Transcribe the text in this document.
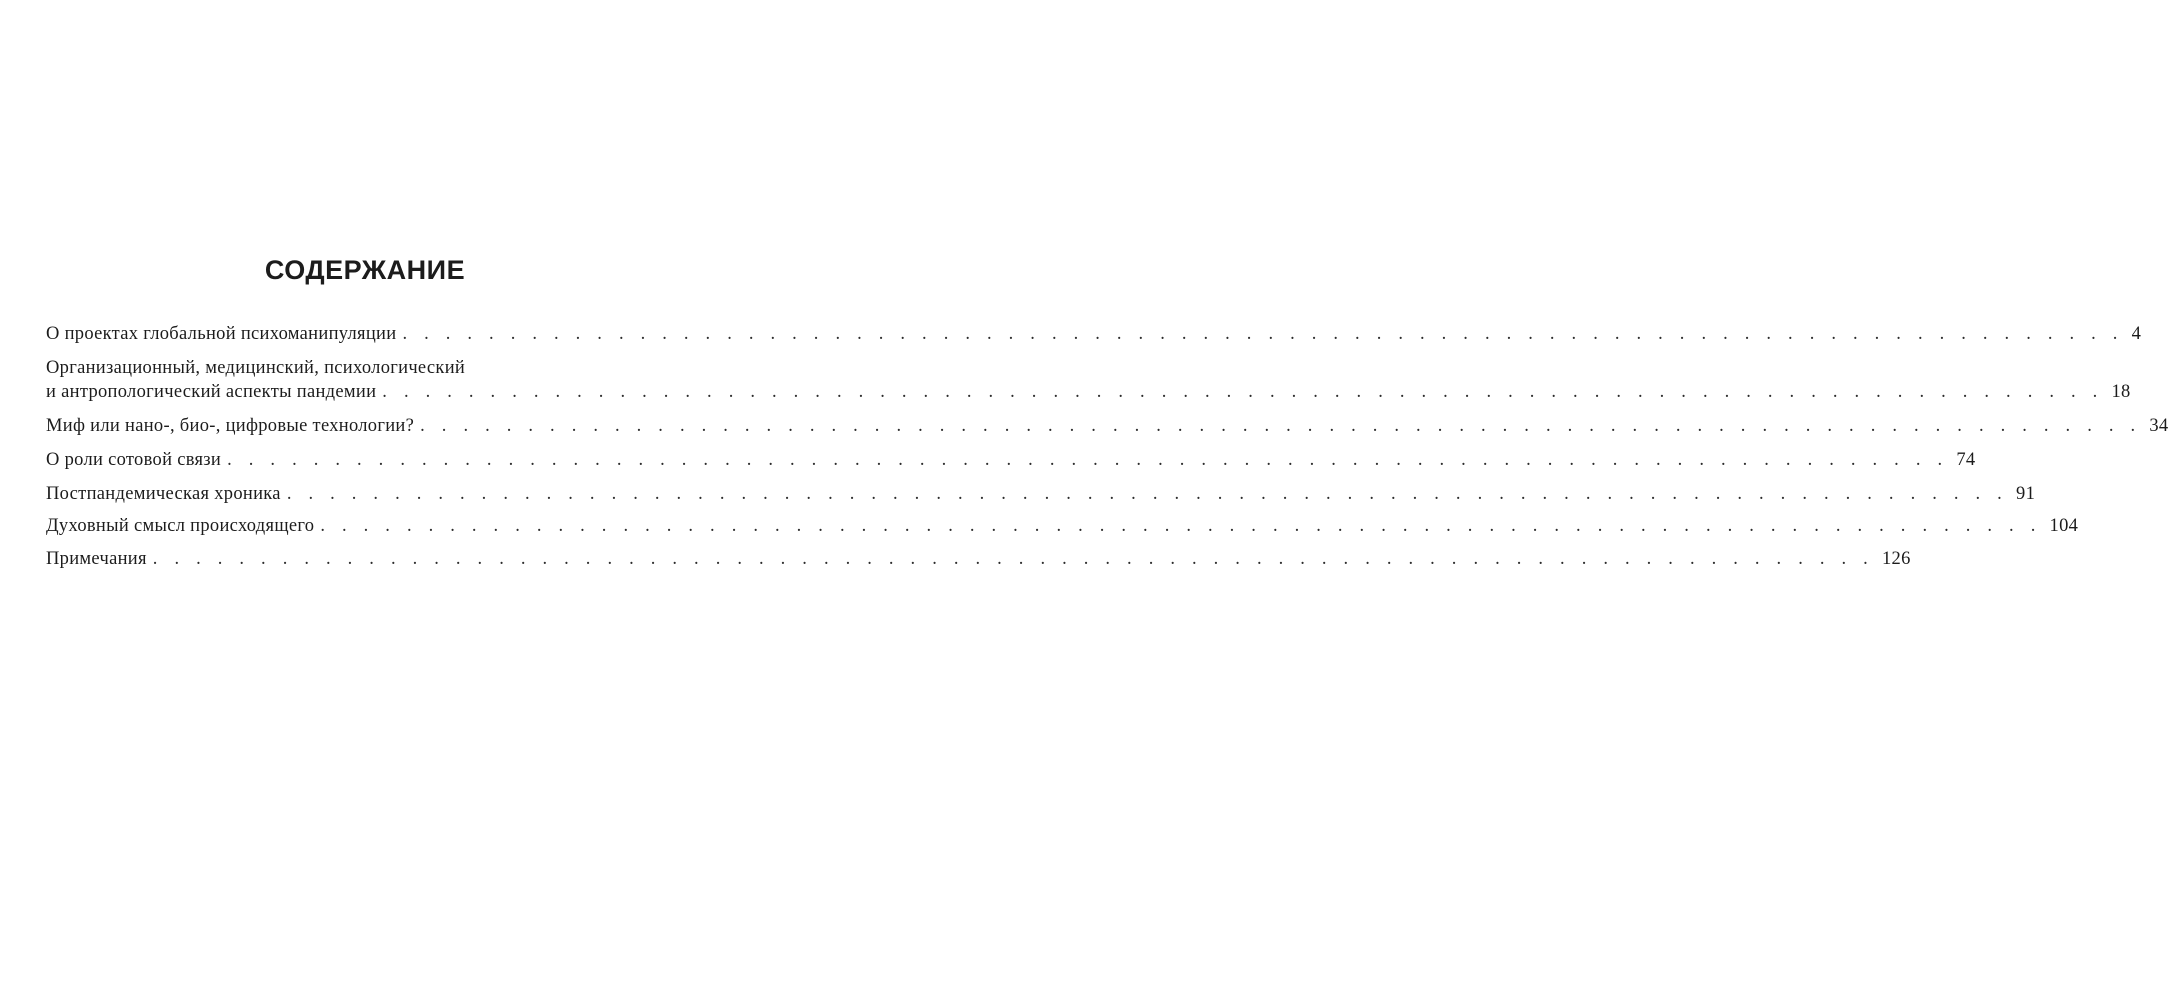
СОДЕРЖАНИЕ
О проектах глобальной психоманипуляции . . . . . . . . . . . . . . . . . . . . . . . . . . . . . . . . . . . . . . . . . . . . . . . . . . . . . . . . . . . . . . . . . . . . . . . . . . . . . . . . 4
Организационный, медицинский, психологический
и антропологический аспекты пандемии . . . . . . . . . . . . . . . . . . . . . . . . . . . . . . . . . . . . . . . . . . . . . . . . . . . . . . . . . . . . . . . . . . . . . . . . . . . . . . . . 18
Миф или нано-, био-, цифровые технологии? . . . . . . . . . . . . . . . . . . . . . . . . . . . . . . . . . . . . . . . . . . . . . . . . . . . . . . . . . . . . . . . . . . . . . . . . . . . . . . . . 34
О роли сотовой связи . . . . . . . . . . . . . . . . . . . . . . . . . . . . . . . . . . . . . . . . . . . . . . . . . . . . . . . . . . . . . . . . . . . . . . . . . . . . . . . . 74
Постпандемическая хроника . . . . . . . . . . . . . . . . . . . . . . . . . . . . . . . . . . . . . . . . . . . . . . . . . . . . . . . . . . . . . . . . . . . . . . . . . . . . . . . . 91
Духовный смысл происходящего . . . . . . . . . . . . . . . . . . . . . . . . . . . . . . . . . . . . . . . . . . . . . . . . . . . . . . . . . . . . . . . . . . . . . . . . . . . . . . . . 104
Примечания . . . . . . . . . . . . . . . . . . . . . . . . . . . . . . . . . . . . . . . . . . . . . . . . . . . . . . . . . . . . . . . . . . . . . . . . . . . . . . . . 126
